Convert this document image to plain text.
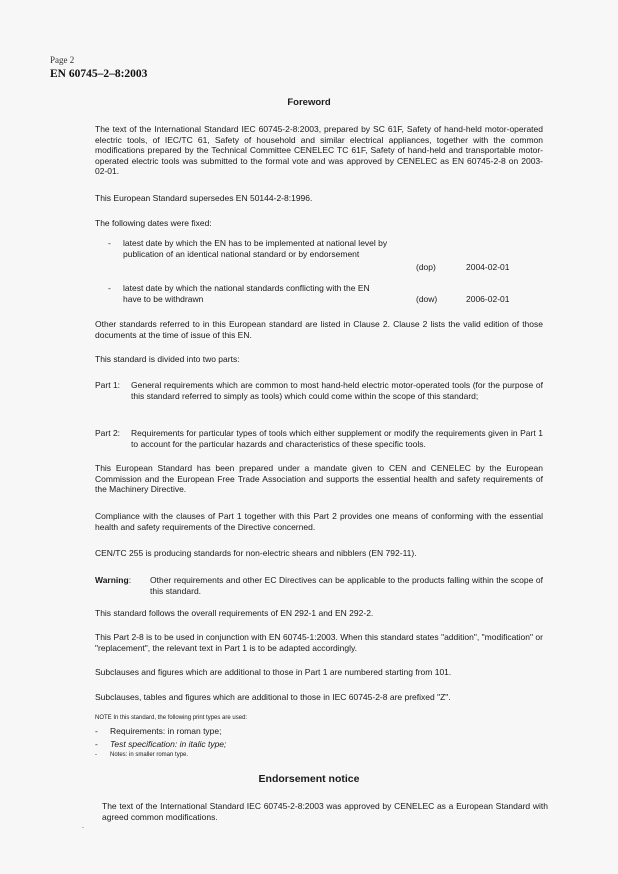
Page 2
EN 60745–2–8:2003
Foreword
The text of the International Standard IEC 60745-2-8:2003, prepared by SC 61F, Safety of hand-held motor-operated electric tools, of IEC/TC 61, Safety of household and similar electrical appliances, together with the common modifications prepared by the Technical Committee CENELEC TC 61F, Safety of hand-held and transportable motor-operated electric tools was submitted to the formal vote and was approved by CENELEC as EN 60745-2-8 on 2003-02-01.
This European Standard supersedes EN 50144-2-8:1996.
The following dates were fixed:
- latest date by which the EN has to be implemented at national level by publication of an identical national standard or by endorsement
(dop)	2004-02-01
- latest date by which the national standards conflicting with the EN have to be withdrawn	(dow)	2006-02-01
Other standards referred to in this European standard are listed in Clause 2. Clause 2 lists the valid edition of those documents at the time of issue of this EN.
This standard is divided into two parts:
Part 1: General requirements which are common to most hand-held electric motor-operated tools (for the purpose of this standard referred to simply as tools) which could come within the scope of this standard;
Part 2: Requirements for particular types of tools which either supplement or modify the requirements given in Part 1 to account for the particular hazards and characteristics of these specific tools.
This European Standard has been prepared under a mandate given to CEN and CENELEC by the European Commission and the European Free Trade Association and supports the essential health and safety requirements of the Machinery Directive.
Compliance with the clauses of Part 1 together with this Part 2 provides one means of conforming with the essential health and safety requirements of the Directive concerned.
CEN/TC 255 is producing standards for non-electric shears and nibblers (EN 792-11).
Warning: Other requirements and other EC Directives can be applicable to the products falling within the scope of this standard.
This standard follows the overall requirements of EN 292-1 and EN 292-2.
This Part 2-8 is to be used in conjunction with EN 60745-1:2003. When this standard states "addition", "modification" or "replacement", the relevant text in Part 1 is to be adapted accordingly.
Subclauses and figures which are additional to those in Part 1 are numbered starting from 101.
Subclauses, tables and figures which are additional to those in IEC 60745-2-8 are prefixed "Z".
NOTE In this standard, the following print types are used:
- Requirements: in roman type;
- Test specification: in italic type;
- Notes: in smaller roman type.
Endorsement notice
The text of the International Standard IEC 60745-2-8:2003 was approved by CENELEC as a European Standard with agreed common modifications.
-
